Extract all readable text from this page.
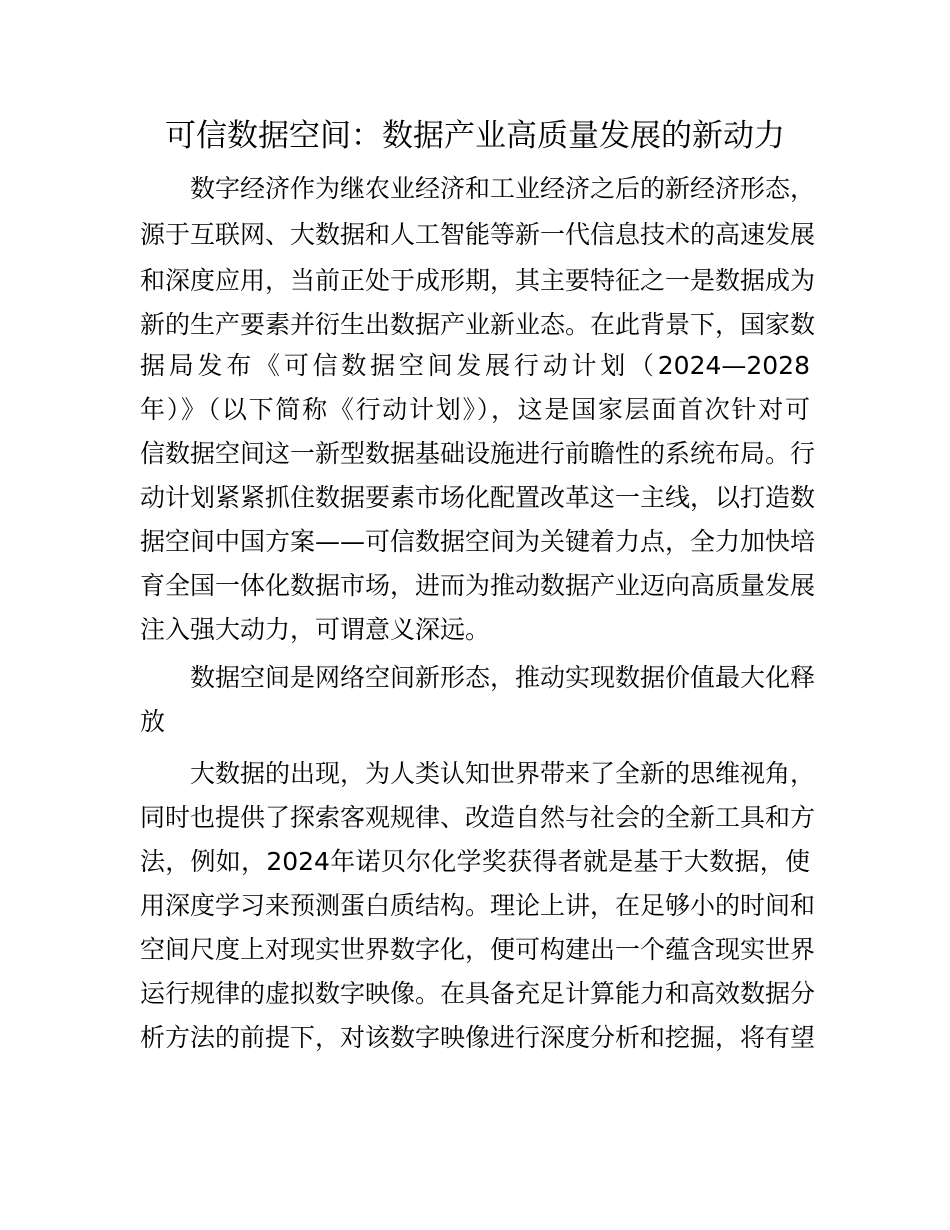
可信数据空间：数据产业高质量发展的新动力
数字经济作为继农业经济和工业经济之后的新经济形态，
源于互联网、大数据和人工智能等新一代信息技术的高速发展
和深度应用，当前正处于成形期，其主要特征之一是数据成为
新的生产要素并衍生出数据产业新业态。在此背景下，国家数
据局发布《可信数据空间发展行动计划（2024—2028
年）》（以下简称《行动计划》），这是国家层面首次针对可
信数据空间这一新型数据基础设施进行前瞻性的系统布局。行
动计划紧紧抓住数据要素市场化配置改革这一主线，以打造数
据空间中国方案——可信数据空间为关键着力点，全力加快培
育全国一体化数据市场，进而为推动数据产业迈向高质量发展
注入强大动力，可谓意义深远。
数据空间是网络空间新形态，推动实现数据价值最大化释
放
大数据的出现，为人类认知世界带来了全新的思维视角，
同时也提供了探索客观规律、改造自然与社会的全新工具和方
法，例如，2024年诺贝尔化学奖获得者就是基于大数据，使
用深度学习来预测蛋白质结构。理论上讲，在足够小的时间和
空间尺度上对现实世界数字化，便可构建出一个蕴含现实世界
运行规律的虚拟数字映像。在具备充足计算能力和高效数据分
析方法的前提下，对该数字映像进行深度分析和挖掘，将有望
